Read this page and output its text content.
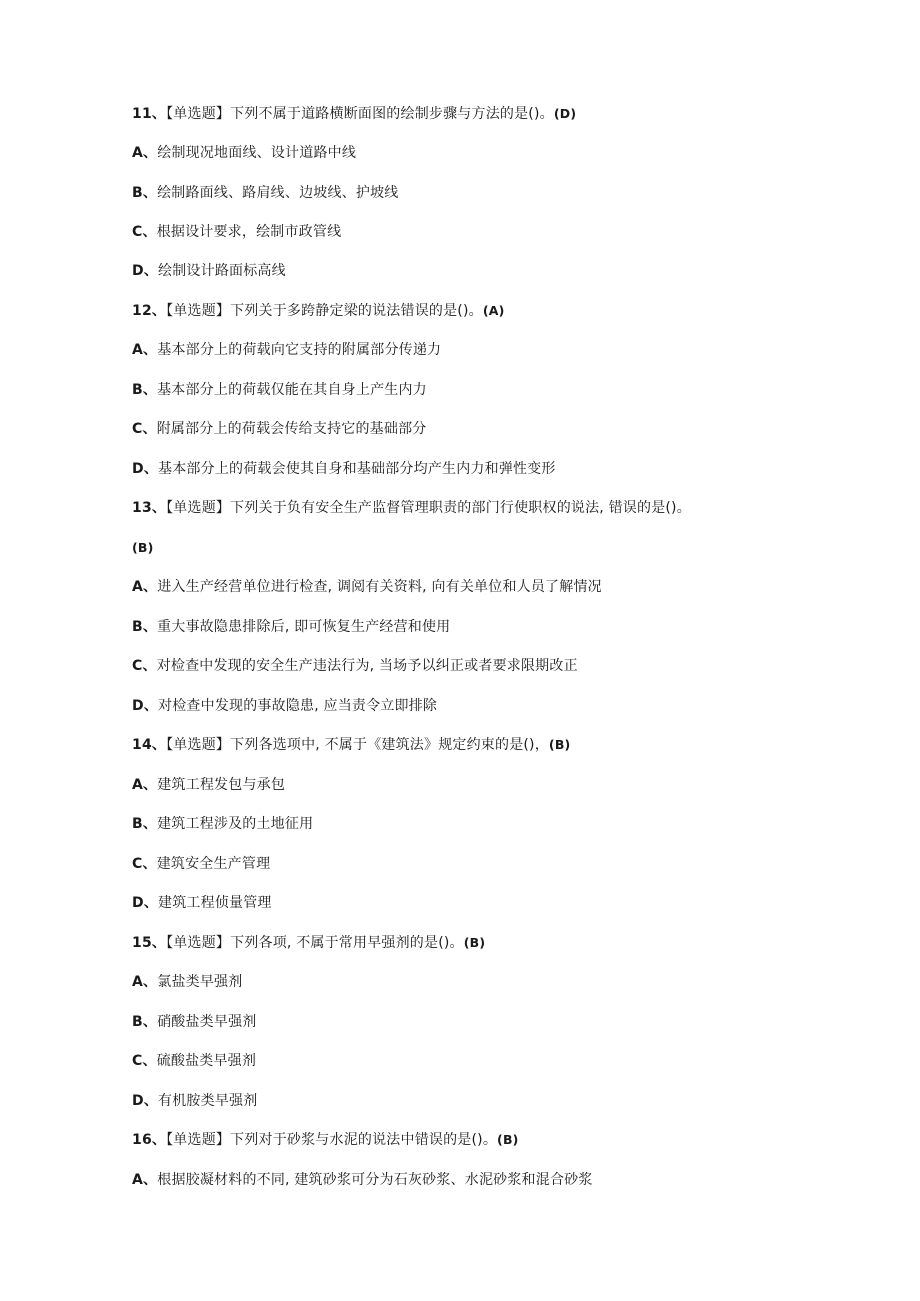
11、【单选题】下列不属于道路横断面图的绘制步骤与方法的是()。(D)
A、绘制现况地面线、设计道路中线
B、绘制路面线、路肩线、边坡线、护坡线
C、根据设计要求，绘制市政管线
D、绘制设计路面标高线
12、【单选题】下列关于多跨静定梁的说法错误的是()。(A)
A、基本部分上的荷载向它支持的附属部分传递力
B、基本部分上的荷载仅能在其自身上产生内力
C、附属部分上的荷载会传给支持它的基础部分
D、基本部分上的荷载会使其自身和基础部分均产生内力和弹性变形
13、【单选题】下列关于负有安全生产监督管理职责的部门行使职权的说法, 错误的是()。
(B)
A、进入生产经营单位进行检查, 调阅有关资料, 向有关单位和人员了解情况
B、重大事故隐患排除后, 即可恢复生产经营和使用
C、对检查中发现的安全生产违法行为, 当场予以纠正或者要求限期改正
D、对检查中发现的事故隐患, 应当责令立即排除
14、【单选题】下列各选项中, 不属于《建筑法》规定约束的是()，(B)
A、建筑工程发包与承包
B、建筑工程涉及的土地征用
C、建筑安全生产管理
D、建筑工程侦量管理
15、【单选题】下列各项, 不属于常用早强剂的是()。(B)
A、氯盐类早强剂
B、硝酸盐类早强剂
C、硫酸盐类早强剂
D、有机胺类早强剂
16、【单选题】下列对于砂浆与水泥的说法中错误的是()。(B)
A、根据胶凝材料的不同, 建筑砂浆可分为石灰砂浆、水泥砂浆和混合砂浆
